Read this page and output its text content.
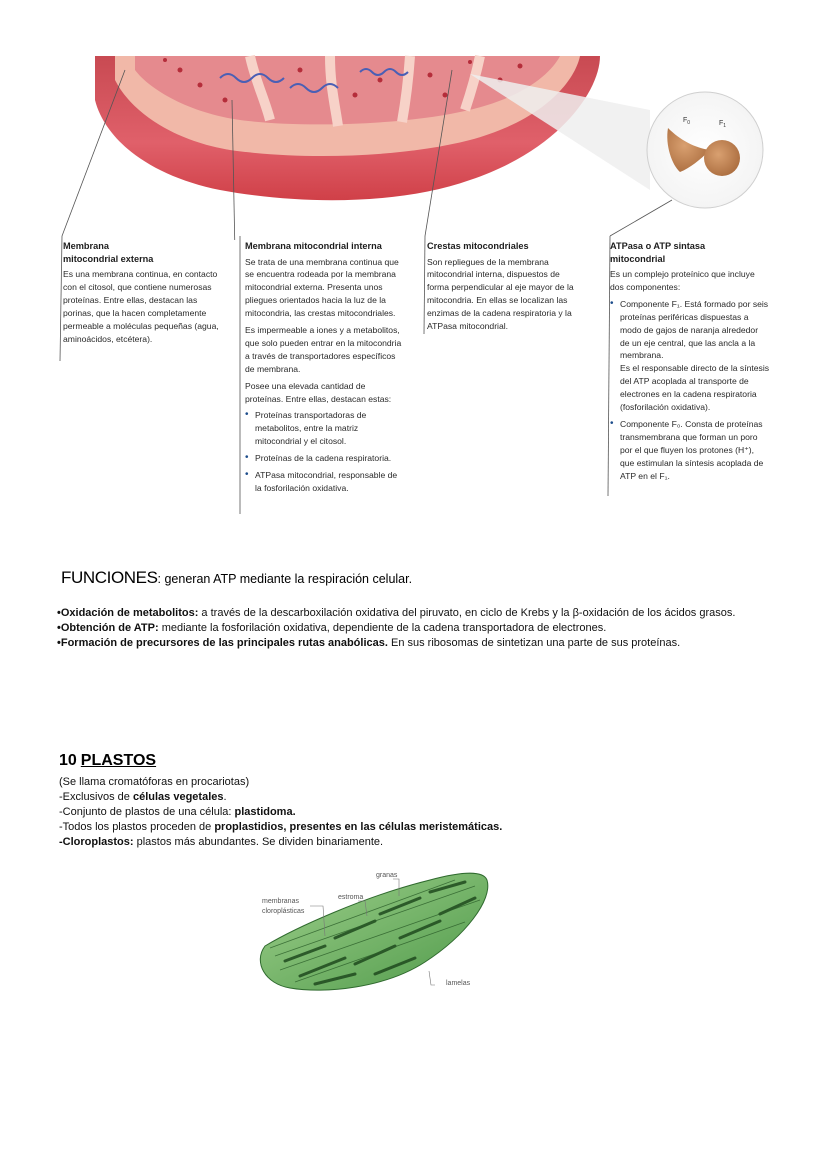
$F_0$	$F_1$
Membrana
mitocondrial externa

Es una membrana continua, en contacto con el citosol, que contiene numerosas proteínas. Entre ellas, destacan las porinas, que la hacen completamente permeable a moléculas pequeñas (agua, aminoácidos, etcétera).

Membrana mitocondrial interna

Se trata de una membrana continua que se encuentra rodeada por la membrana mitocondrial externa. Presenta unos pliegues orientados hacia la luz de la mitocondria, las crestas mitocondriales.

Es impermeable a iones y a metabolitos, que solo pueden entrar en la mitocondria a través de transportadores específicos de membrana.

Posee una elevada cantidad de proteínas. Entre ellas, destacan estas:

• Proteínas transportadoras de metabolitos, entre la matriz mitocondrial y el citosol.
• Proteínas de la cadena respiratoria.
• ATPasa mitocondrial, responsable de la fosforilación oxidativa.
Crestas mitocondriales

Son repliegues de la membrana mitocondrial interna, dispuestos de forma perpendicular al eje mayor de la mitocondria. En ellas se localizan las enzimas de la cadena respiratoria y la ATPasa mitocondrial.

ATPasa o ATP sintasa
mitocondrial

Es un complejo proteínico que incluye dos componentes:

• Componente F₁. Está formado por seis proteínas periféricas dispuestas a modo de gajos de naranja alrededor de un eje central, que las ancla a la membrana.

Es el responsable directo de la síntesis del ATP acoplada al transporte de electrones en la cadena respiratoria (fosforilación oxidativa).

• Componente F₀. Consta de proteínas transmembrana que forman un poro por el que fluyen los protones (H⁺), que estimulan la síntesis acoplada de ATP en el F₁.
FUNCIONES: generan ATP mediante la respiración celular.
•Oxidación de metabolitos: a través de la descarboxilación oxidativa del piruvato, en ciclo de Krebs y la β-oxidación de los ácidos grasos.
•Obtención de ATP: mediante la fosforilación oxidativa, dependiente de la cadena transportadora de electrones.
•Formación de precursores de las principales rutas anabólicas. En sus ribosomas de sintetizan una parte de sus proteínas.
10 PLASTOS
(Se llama cromatóforas en procariotas)
-Exclusivos de células vegetales.
-Conjunto de plastos de una célula: plastidoma.
-Todos los plastos proceden de proplastidios, presentes en las células meristemáticas.
-Cloroplastos: plastos más abundantes. Se dividen binariamente.
granas
estroma
membranas
cloroplásticas
lamelas
